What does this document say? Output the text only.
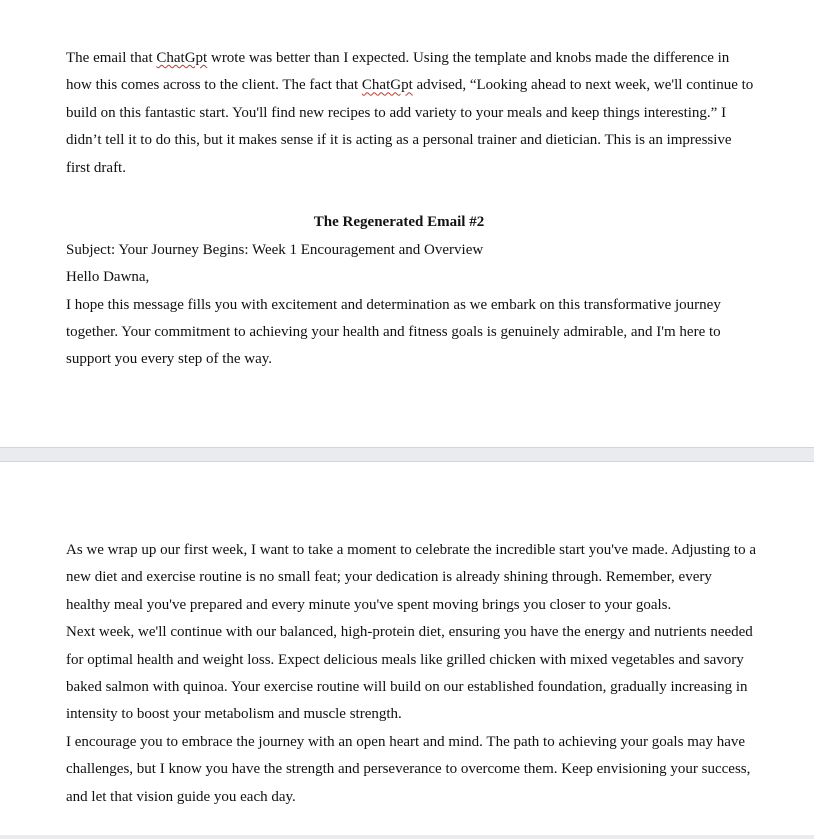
The email that ChatGpt wrote was better than I expected. Using the template and knobs made the difference in how this comes across to the client. The fact that ChatGpt advised, “Looking ahead to next week, we'll continue to build on this fantastic start. You'll find new recipes to add variety to your meals and keep things interesting.” I didn’t tell it to do this, but it makes sense if it is acting as a personal trainer and dietician. This is an impressive first draft.

The Regenerated Email #2

Subject: Your Journey Begins: Week 1 Encouragement and Overview

Hello Dawna,

I hope this message fills you with excitement and determination as we embark on this transformative journey together. Your commitment to achieving your health and fitness goals is genuinely admirable, and I'm here to support you every step of the way.

As we wrap up our first week, I want to take a moment to celebrate the incredible start you've made. Adjusting to a new diet and exercise routine is no small feat; your dedication is already shining through. Remember, every healthy meal you've prepared and every minute you've spent moving brings you closer to your goals.

Next week, we'll continue with our balanced, high-protein diet, ensuring you have the energy and nutrients needed for optimal health and weight loss. Expect delicious meals like grilled chicken with mixed vegetables and savory baked salmon with quinoa. Your exercise routine will build on our established foundation, gradually increasing in intensity to boost your metabolism and muscle strength.

I encourage you to embrace the journey with an open heart and mind. The path to achieving your goals may have challenges, but I know you have the strength and perseverance to overcome them. Keep envisioning your success, and let that vision guide you each day.
